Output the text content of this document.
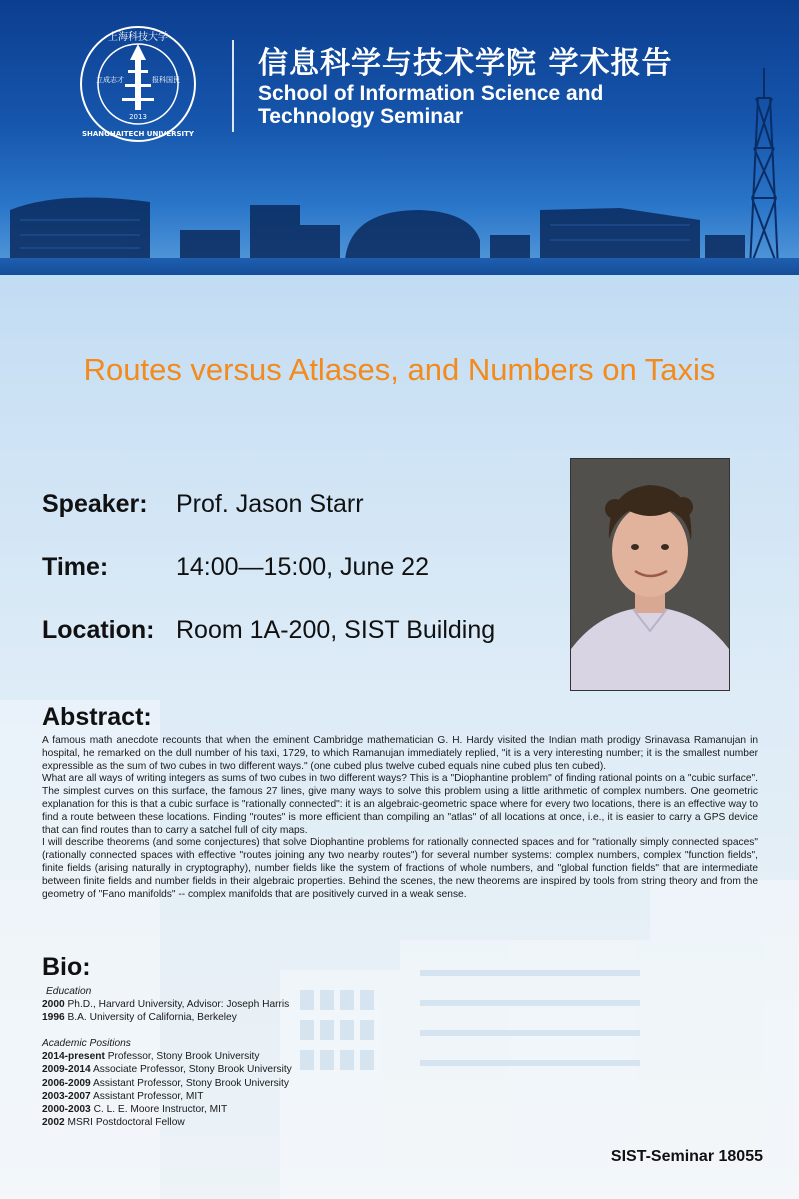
上海科技大学
立成志才	报科国民
2013
SHANGHAITECH UNIVERSITY
信息科学与技术学院 学术报告
School of Information Science and
Technology Seminar
Routes versus Atlases, and Numbers on Taxis
Speaker: Prof. Jason Starr
Time:	14:00—15:00, June 22
Location: Room 1A-200, SIST Building
Abstract:

A famous math anecdote recounts that when the eminent Cambridge mathematician G. H. Hardy visited the Indian math prodigy Srinavasa Ramanujan in hospital, he remarked on the dull number of his taxi, 1729, to which Ramanujan immediately replied, "it is a very interesting number; it is the smallest number expressible as the sum of two cubes in two different ways." (one cubed plus twelve cubed equals nine cubed plus ten cubed).

What are all ways of writing integers as sums of two cubes in two different ways? This is a "Diophantine problem" of finding rational points on a "cubic surface". The simplest curves on this surface, the famous 27 lines, give many ways to solve this problem using a little arithmetic of complex numbers. One geometric explanation for this is that a cubic surface is "rationally connected": it is an algebraic-geometric space where for every two locations, there is an effective way to find a route between these locations. Finding "routes" is more efficient than compiling an "atlas" of all locations at once, i.e., it is easier to carry a GPS device that can find routes than to carry a satchel full of city maps.

I will describe theorems (and some conjectures) that solve Diophantine problems for rationally connected spaces and for "rationally simply connected spaces" (rationally connected spaces with effective "routes joining any two nearby routes") for several number systems: complex numbers, complex "function fields", finite fields (arising naturally in cryptography), number fields like the system of fractions of whole numbers, and "global function fields" that are intermediate between finite fields and number fields in their algebraic properties. Behind the scenes, the new theorems are inspired by tools from string theory and from the geometry of "Fano manifolds" -- complex manifolds that are positively curved in a weak sense.

Bio:
Education
2000 Ph.D., Harvard University, Advisor: Joseph Harris
1996 B.A. University of California, Berkeley
Academic Positions
2014-present Professor, Stony Brook University
2009-2014 Associate Professor, Stony Brook University
2006-2009 Assistant Professor, Stony Brook University
2003-2007 Assistant Professor, MIT
2000-2003 C. L. E. Moore Instructor, MIT
2002 MSRI Postdoctoral Fellow
SIST-Seminar 18055
